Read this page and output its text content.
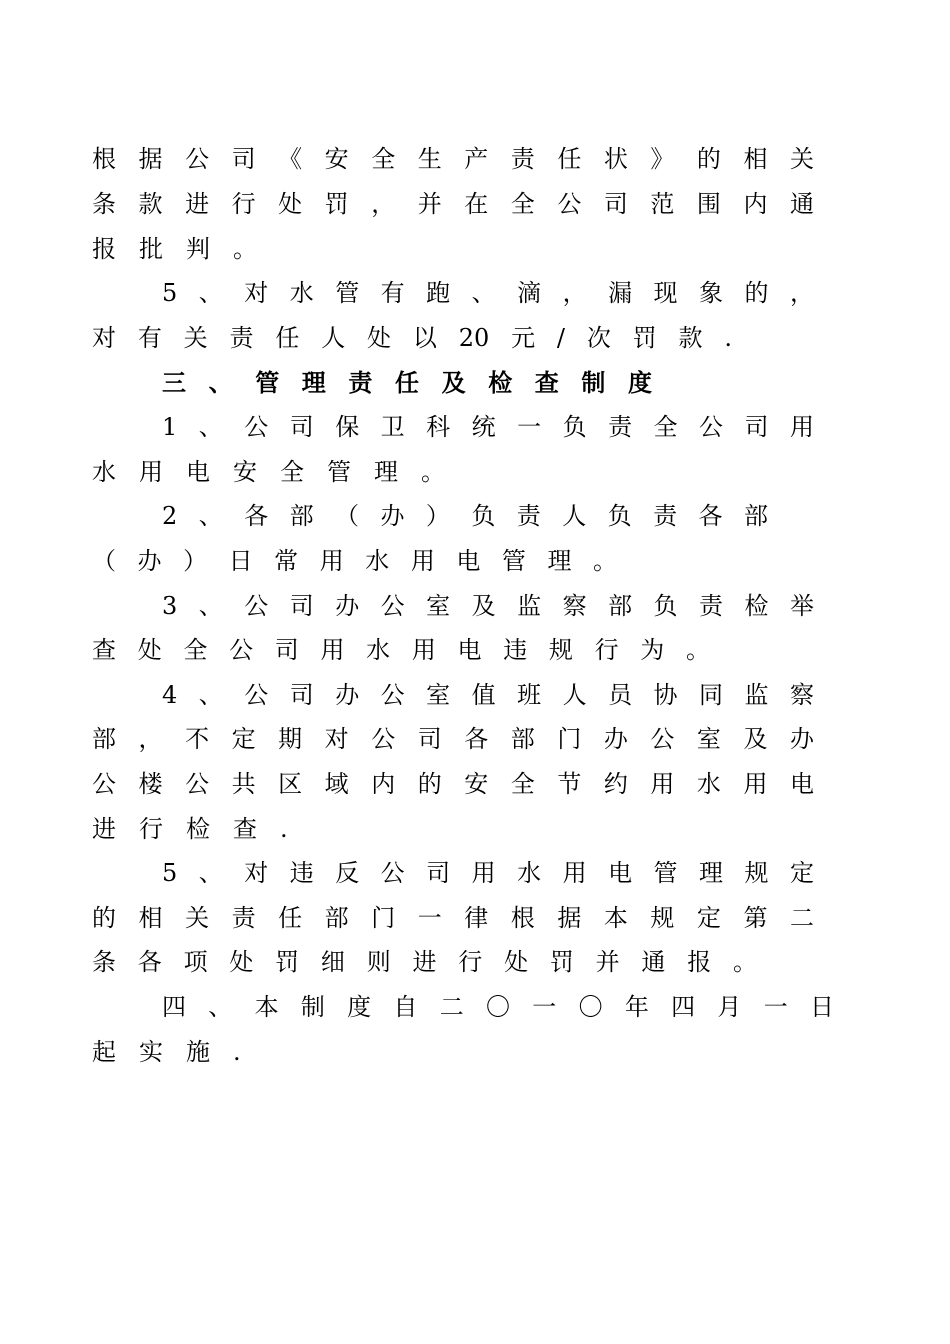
根据公司《安全生产责任状》的相关
条款进行处罚，并在全公司范围内通
报批判。
5、对水管有跑、滴，漏现象的，
对有关责任人处以20元/次罚款.
三、管理责任及检查制度
1、公司保卫科统一负责全公司用
水用电安全管理。
2、各部（办）负责人负责各部
（办）日常用水用电管理。
3、公司办公室及监察部负责检举
查处全公司用水用电违规行为。
4、公司办公室值班人员协同监察
部，不定期对公司各部门办公室及办
公楼公共区域内的安全节约用水用电
进行检查.
5、对违反公司用水用电管理规定
的相关责任部门一律根据本规定第二
条各项处罚细则进行处罚并通报。
四、本制度自二〇一〇年四月一日
起实施.
